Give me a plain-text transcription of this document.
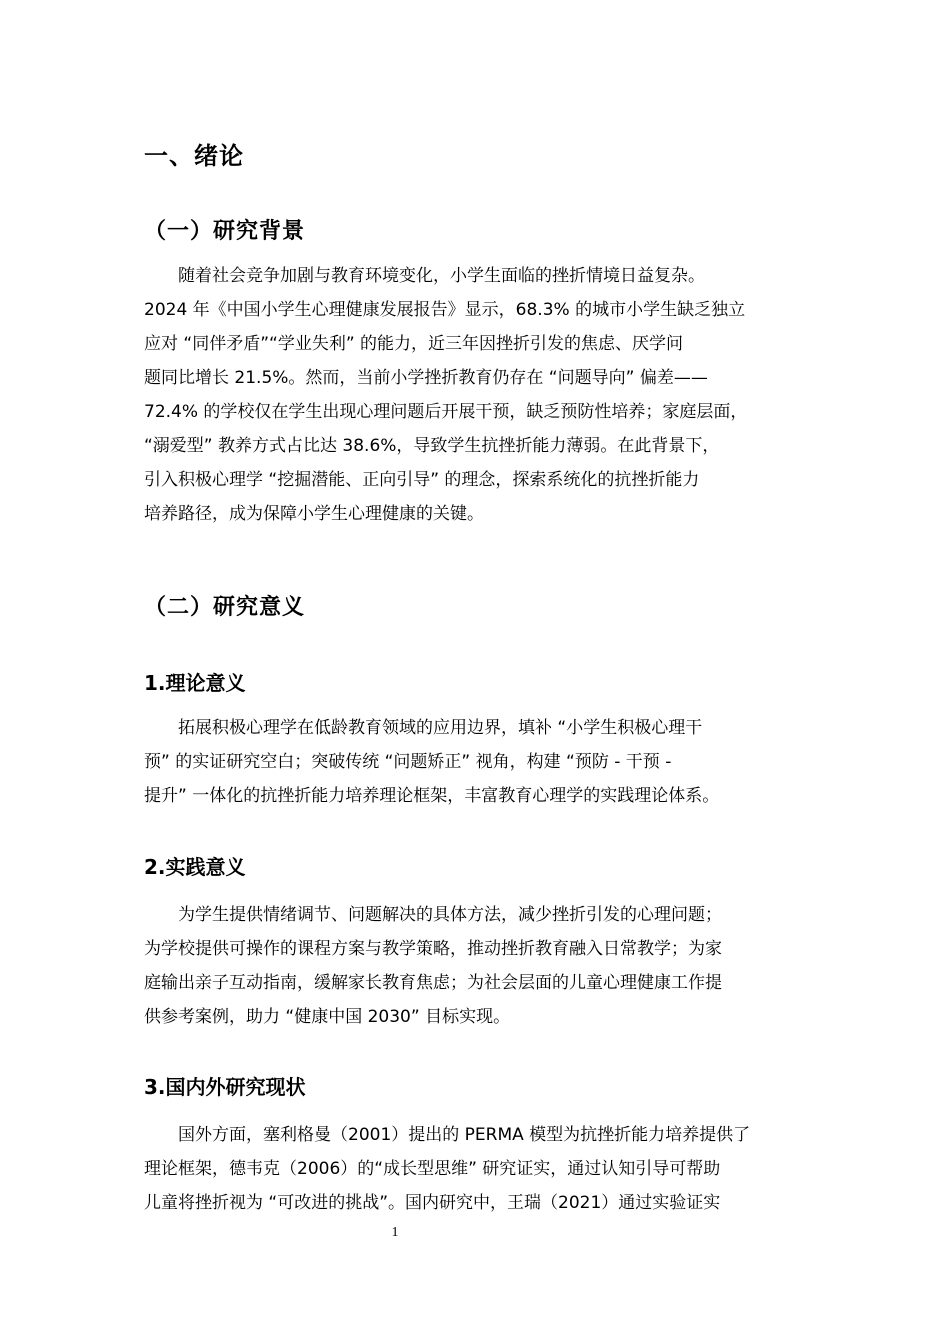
一、绪论
（一）研究背景
随着社会竞争加剧与教育环境变化，小学生面临的挫折情境日益复杂。
2024 年《中国小学生心理健康发展报告》显示，68.3% 的城市小学生缺乏独立
应对 “同伴矛盾”“学业失利” 的能力，近三年因挫折引发的焦虑、厌学问
题同比增长 21.5%。然而，当前小学挫折教育仍存在 “问题导向” 偏差——
72.4% 的学校仅在学生出现心理问题后开展干预，缺乏预防性培养；家庭层面，
“溺爱型” 教养方式占比达 38.6%，导致学生抗挫折能力薄弱。在此背景下，
引入积极心理学 “挖掘潜能、正向引导” 的理念，探索系统化的抗挫折能力
培养路径，成为保障小学生心理健康的关键。
（二）研究意义
1.理论意义
拓展积极心理学在低龄教育领域的应用边界，填补 “小学生积极心理干
预” 的实证研究空白；突破传统 “问题矫正” 视角，构建 “预防 - 干预 -
提升” 一体化的抗挫折能力培养理论框架，丰富教育心理学的实践理论体系。
2.实践意义
为学生提供情绪调节、问题解决的具体方法，减少挫折引发的心理问题；
为学校提供可操作的课程方案与教学策略，推动挫折教育融入日常教学；为家
庭输出亲子互动指南，缓解家长教育焦虑；为社会层面的儿童心理健康工作提
供参考案例，助力 “健康中国 2030” 目标实现。
3.国内外研究现状
国外方面，塞利格曼（2001）提出的 PERMA 模型为抗挫折能力培养提供了
理论框架，德韦克（2006）的“成长型思维” 研究证实，通过认知引导可帮助
儿童将挫折视为 “可改进的挑战”。国内研究中，王瑞（2021）通过实验证实
1
